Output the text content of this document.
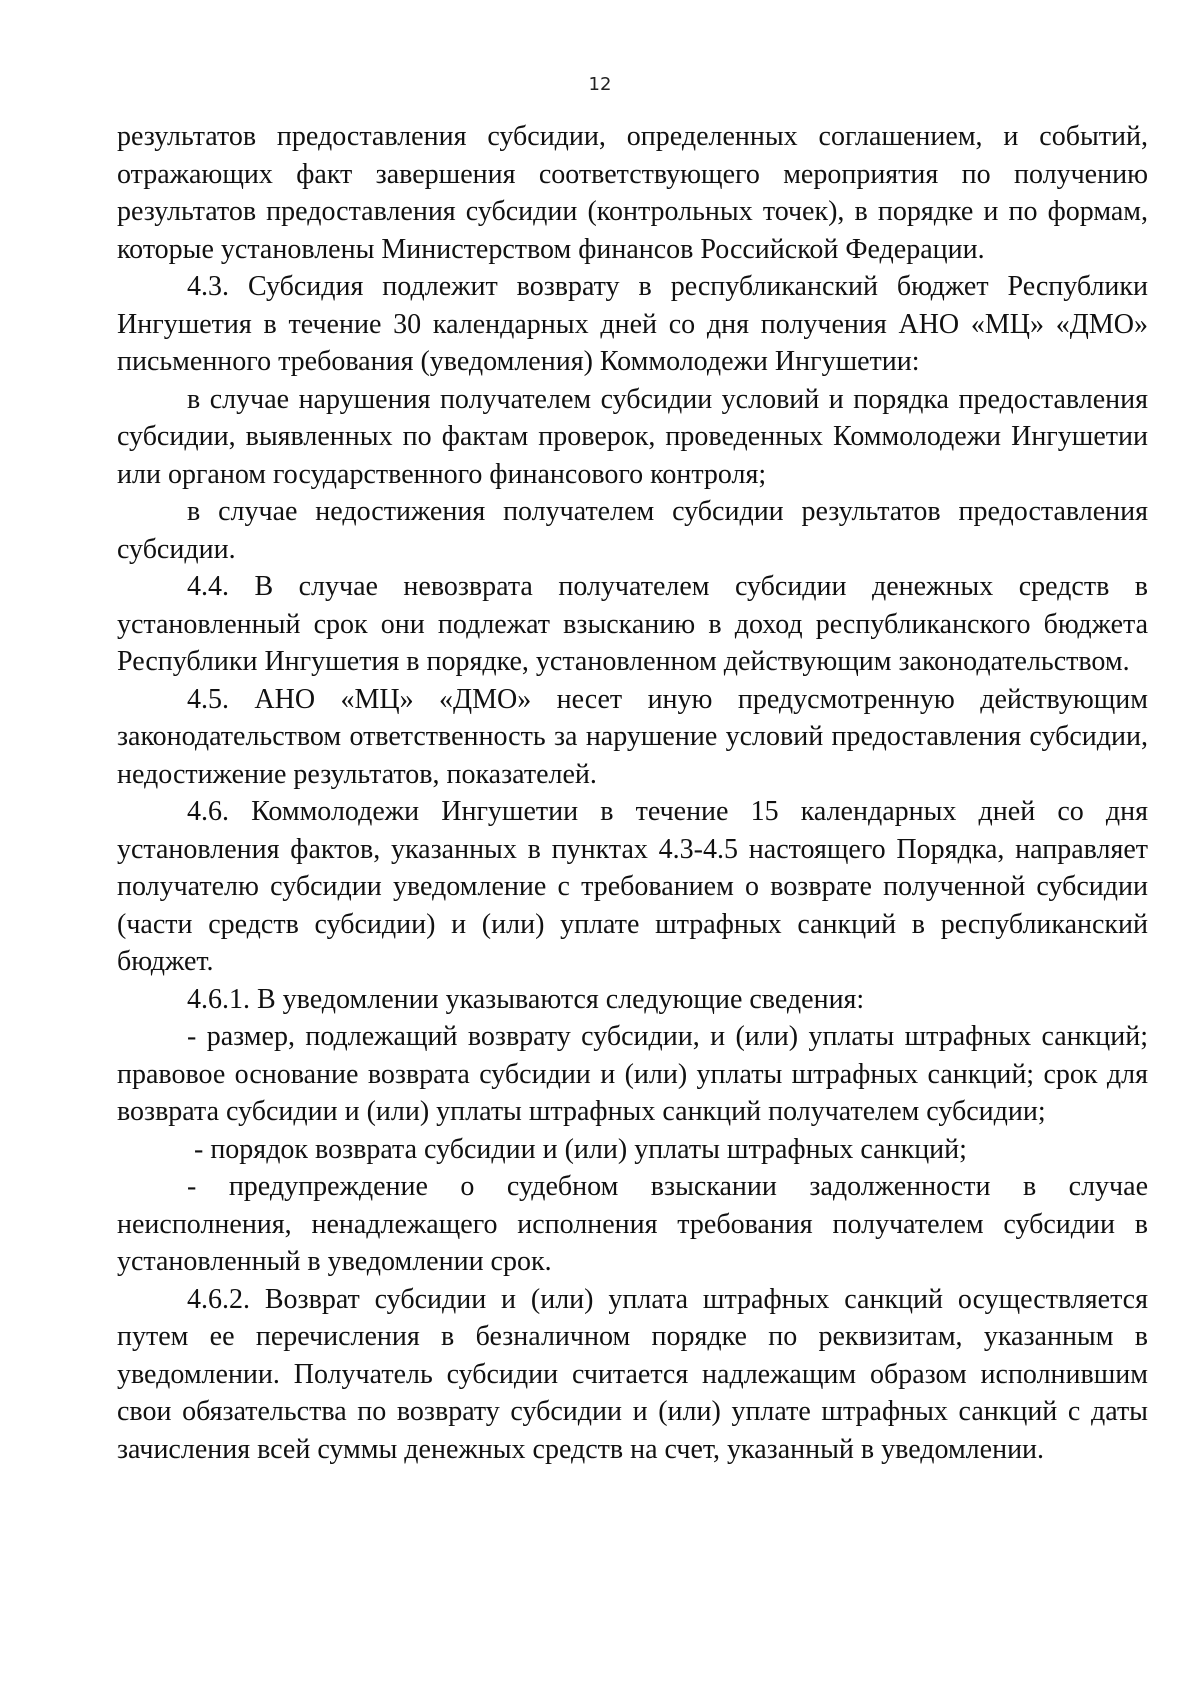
12

результатов предоставления субсидии, определенных соглашением, и событий, отражающих факт завершения соответствующего мероприятия по получению результатов предоставления субсидии (контрольных точек), в порядке и по формам, которые установлены Министерством финансов Российской Федерации.

4.3. Субсидия подлежит возврату в республиканский бюджет Республики Ингушетия в течение 30 календарных дней со дня получения АНО «МЦ» «ДМО» письменного требования (уведомления) Коммолодежи Ингушетии:

в случае нарушения получателем субсидии условий и порядка предоставления субсидии, выявленных по фактам проверок, проведенных Коммолодежи Ингушетии или органом государственного финансового контроля;

в случае недостижения получателем субсидии результатов предоставления субсидии.

4.4. В случае невозврата получателем субсидии денежных средств в установленный срок они подлежат взысканию в доход республиканского бюджета Республики Ингушетия в порядке, установленном действующим законодательством.

4.5. АНО «МЦ» «ДМО» несет иную предусмотренную действующим законодательством ответственность за нарушение условий предоставления субсидии, недостижение результатов, показателей.

4.6. Коммолодежи Ингушетии в течение 15 календарных дней со дня установления фактов, указанных в пунктах 4.3-4.5 настоящего Порядка, направляет получателю субсидии уведомление с требованием о возврате полученной субсидии (части средств субсидии) и (или) уплате штрафных санкций в республиканский бюджет.

4.6.1. В уведомлении указываются следующие сведения:

- размер, подлежащий возврату субсидии, и (или) уплаты штрафных санкций; правовое основание возврата субсидии и (или) уплаты штрафных санкций; срок для возврата субсидии и (или) уплаты штрафных санкций получателем субсидии;

- порядок возврата субсидии и (или) уплаты штрафных санкций;

- предупреждение о судебном взыскании задолженности в случае неисполнения, ненадлежащего исполнения требования получателем субсидии в установленный в уведомлении срок.

4.6.2. Возврат субсидии и (или) уплата штрафных санкций осуществляется путем ее перечисления в безналичном порядке по реквизитам, указанным в уведомлении. Получатель субсидии считается надлежащим образом исполнившим свои обязательства по возврату субсидии и (или) уплате штрафных санкций с даты зачисления всей суммы денежных средств на счет, указанный в уведомлении.
